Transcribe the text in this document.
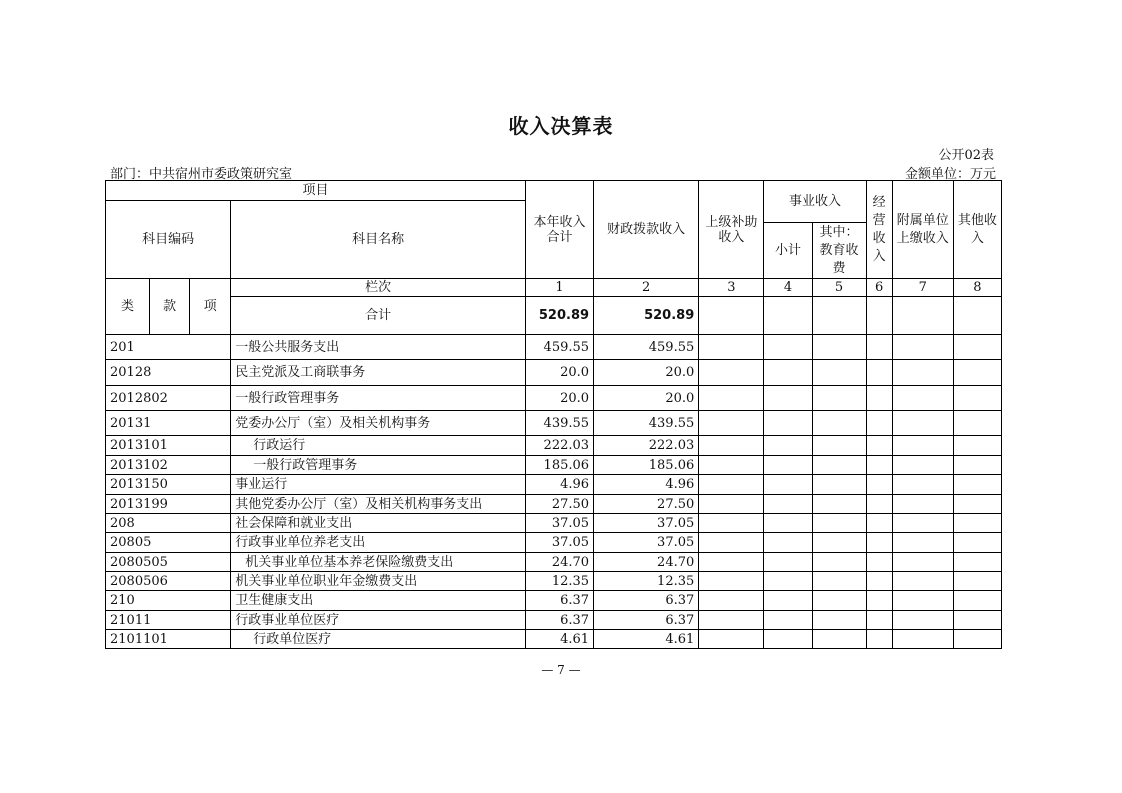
收入决算表
公开02表
部门：中共宿州市委政策研究室	金额单位：万元
项目				本年收入合计	财政拨款收入	上级补助收入	事业收入		经营收入	附属单位上缴收入	其他收入
科目编码			科目名称								
							小计	其中：教育收费			
类	款	项	栏次	1	2	3	4	5	6	7	8
			合计	520.89	520.89						
201			一般公共服务支出	459.55	459.55						
20128			民主党派及工商联事务	20.0	20.0						
2012802			一般行政管理事务	20.0	20.0						
20131			党委办公厅（室）及相关机构事务	439.55	439.55						
2013101			行政运行	222.03	222.03						
2013102			一般行政管理事务	185.06	185.06						
2013150			事业运行	4.96	4.96						
2013199			其他党委办公厅（室）及相关机构事务支出	27.50	27.50						
208			社会保障和就业支出	37.05	37.05						
20805			行政事业单位养老支出	37.05	37.05						
2080505			机关事业单位基本养老保险缴费支出	24.70	24.70						
2080506			机关事业单位职业年金缴费支出	12.35	12.35						
210			卫生健康支出	6.37	6.37						
21011			行政事业单位医疗	6.37	6.37						
2101101			行政单位医疗	4.61	4.61						
— 7 —
